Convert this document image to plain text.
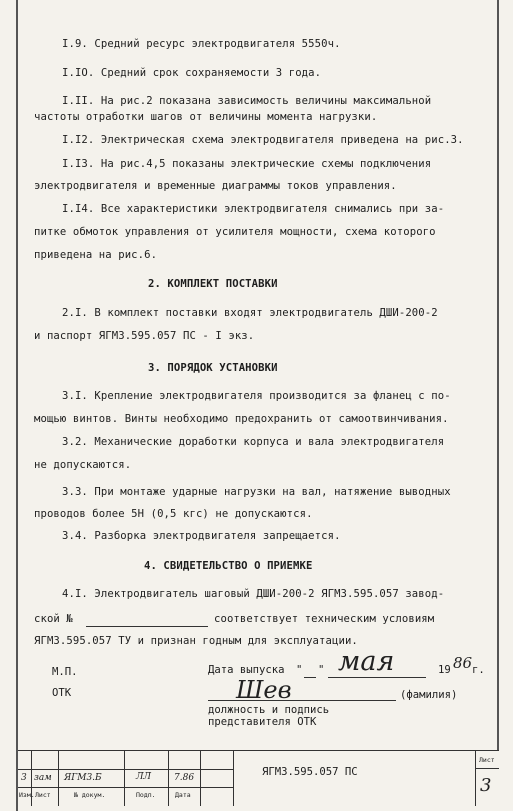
I.9. Средний ресурс электродвигателя 5550ч.
I.IO. Средний срок сохраняемости 3 года.
I.II. На рис.2 показана зависимость величины максимальной
частоты отработки шагов от величины момента нагрузки.
I.I2. Электрическая схема электродвигателя приведена на рис.3.
I.I3. На рис.4,5 показаны электрические схемы подключения
электродвигателя и временные диаграммы токов управления.
I.I4. Все характеристики электродвигателя снимались при за-
питке обмоток управления от усилителя мощности, схема которого
приведена на рис.6.
2. КОМПЛЕКТ ПОСТАВКИ
2.I. В комплект поставки входят электродвигатель ДШИ-200-2
и паспорт ЯГМ3.595.057 ПС - I экз.
3. ПОРЯДОК УСТАНОВКИ
3.I. Крепление электродвигателя производится за фланец с по-
мощью винтов. Винты необходимо предохранить от самоотвинчивания.
3.2. Механические доработки корпуса и вала электродвигателя
не допускаются.
3.3. При монтаже ударные нагрузки на вал, натяжение выводных
проводов более 5Н (0,5 кгс) не допускаются.
3.4. Разборка электродвигателя запрещается.
4. СВИДЕТЕЛЬСТВО О ПРИЕМКЕ
4.I. Электродвигатель шаговый ДШИ-200-2 ЯГМ3.595.057 завод-
ской №	соответствует техническим условиям
ЯГМ3.595.057 ТУ и признан годным для эксплуатации.
М.П.
ОТК
Дата выпуска " " мая	19 86 г.
Шев	(фамилия)
должность и подпись
представителя ОТК
3 зам ЯГМ3.Б	ЛЛ	7.86
Изм. Лист	№ докум.	Подп.	Дата
ЯГМ3.595.057 ПС
Лист
3
